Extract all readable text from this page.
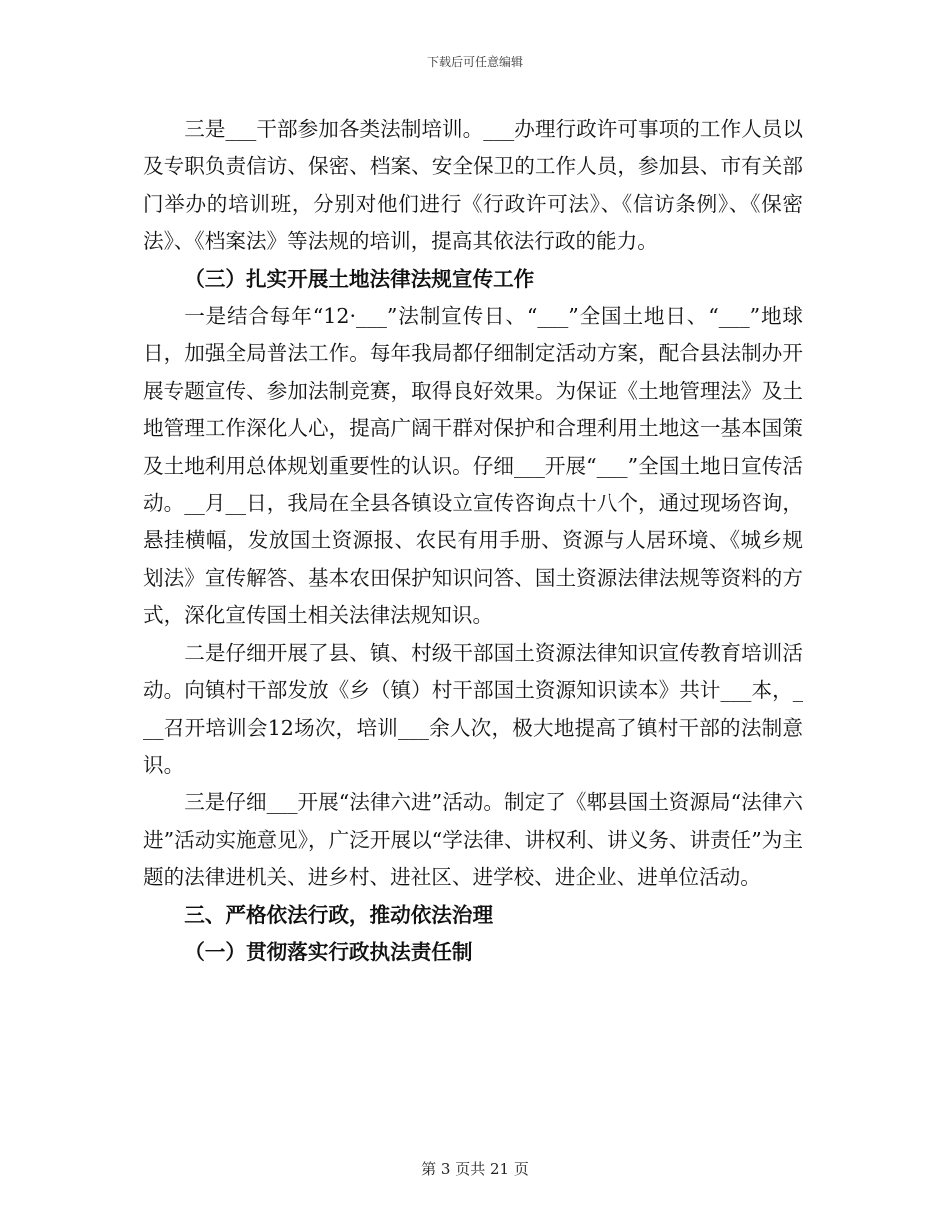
下载后可任意编辑

三是___干部参加各类法制培训。___办理行政许可事项的工作人员以及专职负责信访、保密、档案、安全保卫的工作人员，参加县、市有关部门举办的培训班，分别对他们进行《行政许可法》、《信访条例》、《保密法》、《档案法》等法规的培训，提高其依法行政的能力。

（三）扎实开展土地法律法规宣传工作

一是结合每年“12·___”法制宣传日、“___”全国土地日、“___”地球日，加强全局普法工作。每年我局都仔细制定活动方案，配合县法制办开展专题宣传、参加法制竞赛，取得良好效果。为保证《土地管理法》及土地管理工作深化人心，提高广阔干群对保护和合理利用土地这一基本国策及土地利用总体规划重要性的认识。仔细___开展“___”全国土地日宣传活动。__月__日，我局在全县各镇设立宣传咨询点十八个，通过现场咨询，悬挂横幅，发放国土资源报、农民有用手册、资源与人居环境、《城乡规划法》宣传解答、基本农田保护知识问答、国土资源法律法规等资料的方式，深化宣传国土相关法律法规知识。

二是仔细开展了县、镇、村级干部国土资源法律知识宣传教育培训活动。向镇村干部发放《乡（镇）村干部国土资源知识读本》共计___本，___召开培训会12场次，培训___余人次，极大地提高了镇村干部的法制意识。

三是仔细___开展“法律六进”活动。制定了《郫县国土资源局“法律六进”活动实施意见》，广泛开展以“学法律、讲权利、讲义务、讲责任”为主题的法律进机关、进乡村、进社区、进学校、进企业、进单位活动。

三、严格依法行政，推动依法治理

（一）贯彻落实行政执法责任制

第 3 页共 21 页
